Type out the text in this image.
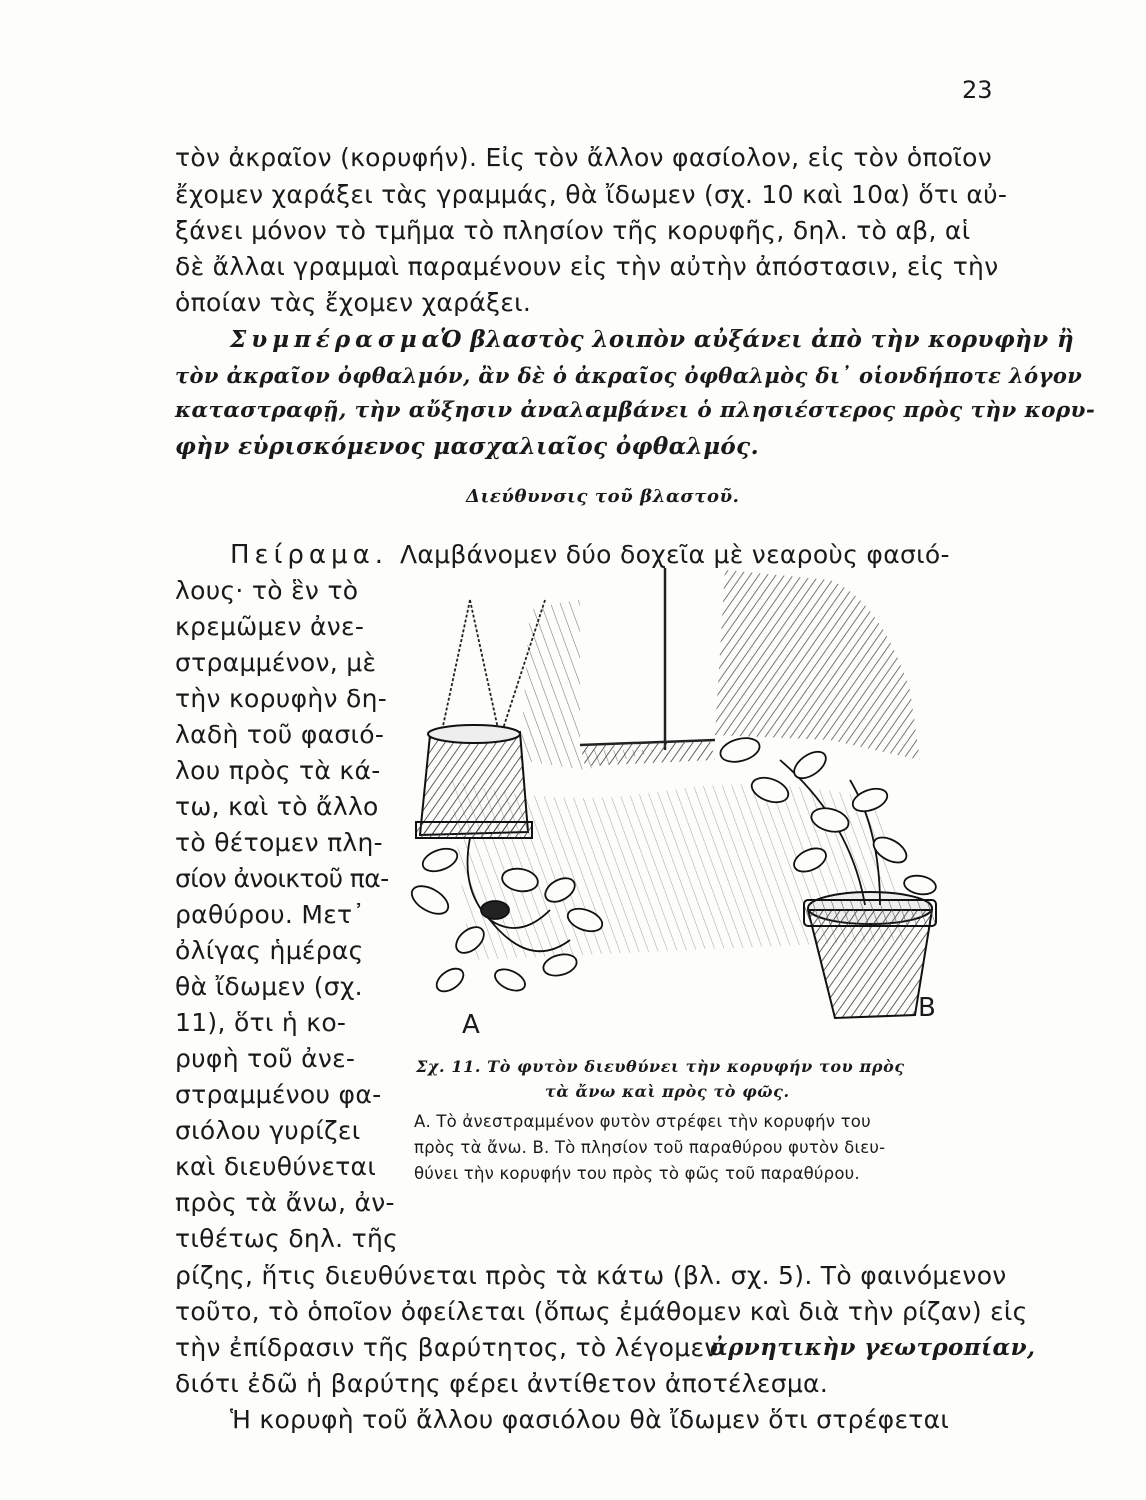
23
τὸν ἀκραῖον (κορυφήν). Εἰς τὸν ἄλλον φασίολον, εἰς τὸν ὁποῖον
ἔχομεν χαράξει τὰς γραμμάς, θὰ ἴδωμεν (σχ. 10 καὶ 10α) ὅτι αὐ-
ξάνει μόνον τὸ τμῆμα τὸ πλησίον τῆς κορυφῆς, δηλ. τὸ αβ, αἱ
δὲ ἄλλαι γραμμαὶ παραμένουν εἰς τὴν αὐτὴν ἀπόστασιν, εἰς τὴν
ὁποίαν τὰς ἔχομεν χαράξει.
Συμπέρασμα.
Ὁ βλαστὸς λοιπὸν αὐξάνει ἀπὸ τὴν κορυφὴν ἢ
τὸν ἀκραῖον ὀφθαλμόν, ἂν δὲ ὁ ἀκραῖος ὀφθαλμὸς δι᾽ οἱονδήποτε λόγον
καταστραφῇ, τὴν αὔξησιν ἀναλαμβάνει ὁ πλησιέστερος πρὸς τὴν κορυ-
φὴν εὑρισκόμενος μασχαλιαῖος ὀφθαλμός.
Διεύθυνσις τοῦ βλαστοῦ.
Πείραμα. Λαμβάνομεν δύο δοχεῖα μὲ νεαροὺς φασιό-
λους· τὸ ἓν τὸ
κρεμῶμεν ἀνε-
στραμμένον, μὲ
τὴν κορυφὴν δη-
λαδὴ τοῦ φασιό-
λου πρὸς τὰ κά-
τω, καὶ τὸ ἄλλο
τὸ θέτομεν πλη-
σίον ἀνοικτοῦ πα-
ραθύρου. Μετ᾽
ὀλίγας ἡμέρας
θὰ ἴδωμεν (σχ.
11), ὅτι ἡ κο-
ρυφὴ τοῦ ἀνε-
στραμμένου φα-
σιόλου γυρίζει
καὶ διευθύνεται
πρὸς τὰ ἄνω, ἀν-
τιθέτως δηλ. τῆς
A
B
Σχ. 11. Τὸ φυτὸν διευθύνει τὴν κορυφήν του πρὸς
τὰ ἄνω καὶ πρὸς τὸ φῶς.
Α. Τὸ ἀνεστραμμένον φυτὸν στρέφει τὴν κορυφήν του
πρὸς τὰ ἄνω. Β. Τὸ πλησίον τοῦ παραθύρου φυτὸν διευ-
θύνει τὴν κορυφήν του πρὸς τὸ φῶς τοῦ παραθύρου.
ρίζης, ἥτις διευθύνεται πρὸς τὰ κάτω (βλ. σχ. 5). Τὸ φαινόμενον
τοῦτο, τὸ ὁποῖον ὀφείλεται (ὅπως ἐμάθομεν καὶ διὰ τὴν ρίζαν) εἰς
τὴν ἐπίδρασιν τῆς βαρύτητος, τὸ λέγομεν
ἀρνητικὴν γεωτροπίαν,
διότι ἐδῶ ἡ βαρύτης φέρει ἀντίθετον ἀποτέλεσμα.
Ἡ κορυφὴ τοῦ ἄλλου φασιόλου θὰ ἴδωμεν ὅτι στρέφεται
